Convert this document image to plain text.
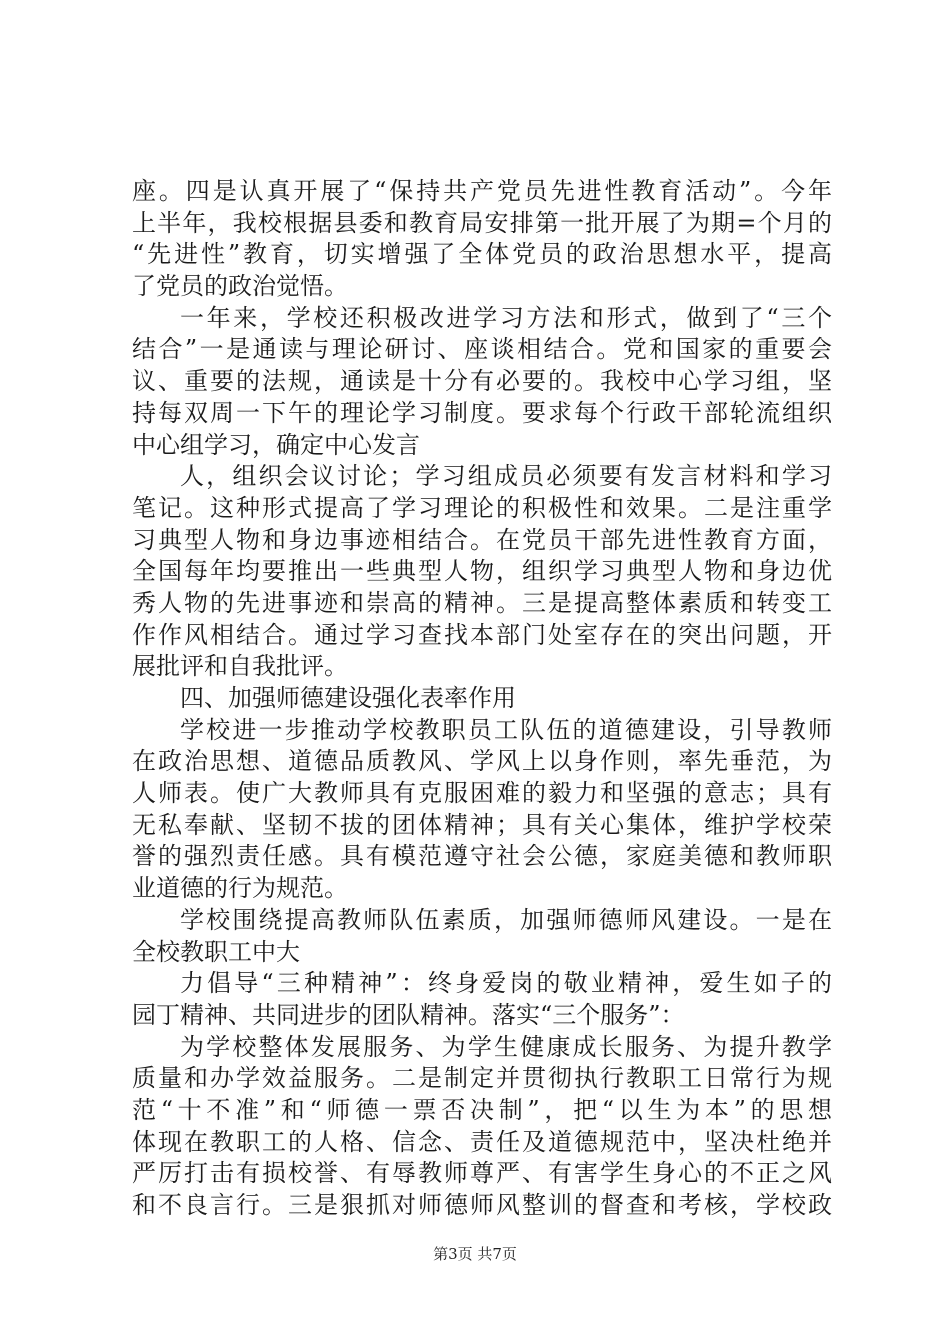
座。四是认真开展了“保持共产党员先进性教育活动”。今年
上半年，我校根据县委和教育局安排第一批开展了为期=个月的
“先进性”教育，切实增强了全体党员的政治思想水平，提高
了党员的政治觉悟。
一年来，学校还积极改进学习方法和形式，做到了“三个
结合”一是通读与理论研讨、座谈相结合。党和国家的重要会
议、重要的法规，通读是十分有必要的。我校中心学习组，坚
持每双周一下午的理论学习制度。要求每个行政干部轮流组织
中心组学习，确定中心发言
人，组织会议讨论；学习组成员必须要有发言材料和学习
笔记。这种形式提高了学习理论的积极性和效果。二是注重学
习典型人物和身边事迹相结合。在党员干部先进性教育方面，
全国每年均要推出一些典型人物，组织学习典型人物和身边优
秀人物的先进事迹和崇高的精神。三是提高整体素质和转变工
作作风相结合。通过学习查找本部门处室存在的突出问题，开
展批评和自我批评。
四、加强师德建设强化表率作用
学校进一步推动学校教职员工队伍的道德建设，引导教师
在政治思想、道德品质教风、学风上以身作则，率先垂范，为
人师表。使广大教师具有克服困难的毅力和坚强的意志；具有
无私奉献、坚韧不拔的团体精神；具有关心集体，维护学校荣
誉的强烈责任感。具有模范遵守社会公德，家庭美德和教师职
业道德的行为规范。
学校围绕提高教师队伍素质，加强师德师风建设。一是在
全校教职工中大
力倡导“三种精神”：终身爱岗的敬业精神，爱生如子的
园丁精神、共同进步的团队精神。落实“三个服务”：
为学校整体发展服务、为学生健康成长服务、为提升教学
质量和办学效益服务。二是制定并贯彻执行教职工日常行为规
范“十不准”和“师德一票否决制”，把“以生为本”的思想
体现在教职工的人格、信念、责任及道德规范中，坚决杜绝并
严厉打击有损校誉、有辱教师尊严、有害学生身心的不正之风
和不良言行。三是狠抓对师德师风整训的督查和考核，学校政
第3页 共7页
